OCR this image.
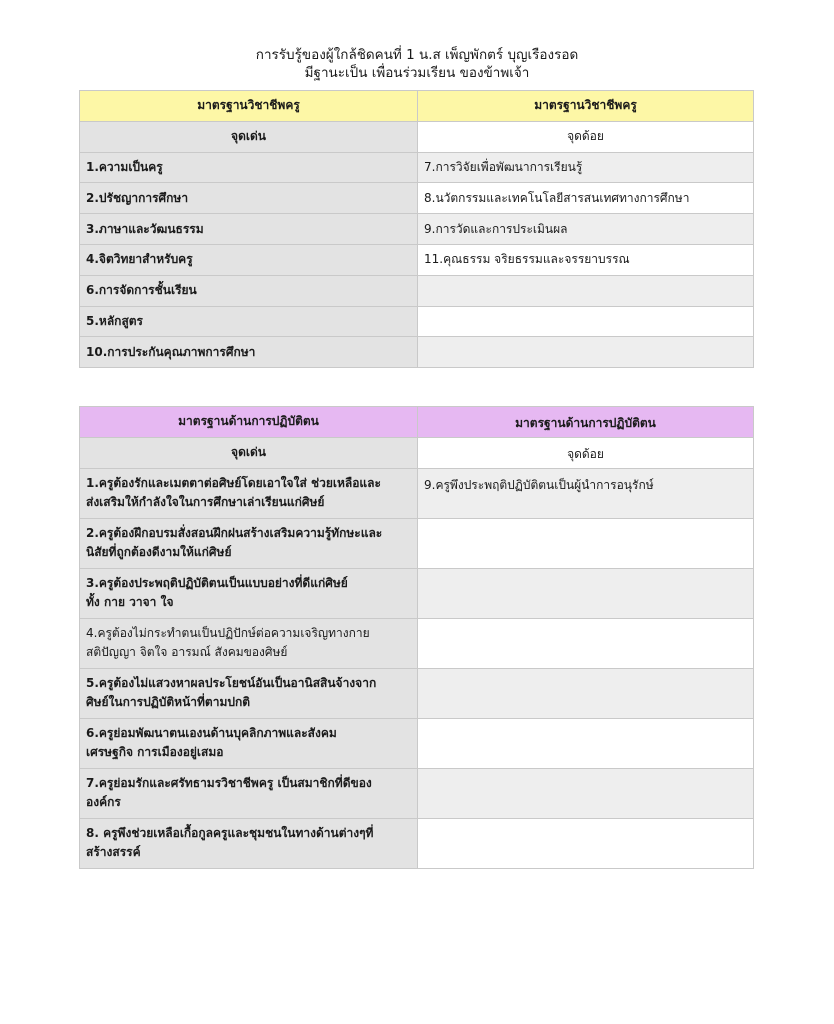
การรับรู้ของผู้ใกล้ชิดคนที่ 1 น.ส เพ็ญพักตร์ บุญเรืองรอด
มีฐานะเป็น เพื่อนร่วมเรียน ของข้าพเจ้า
มาตรฐานวิชาชีพครู	มาตรฐานวิชาชีพครู
จุดเด่น	จุดด้อย
1.ความเป็นครู	7.การวิจัยเพื่อพัฒนาการเรียนรู้
2.ปรัชญาการศึกษา	8.นวัตกรรมและเทคโนโลยีสารสนเทศทางการศึกษา
3.ภาษาและวัฒนธรรม	9.การวัดและการประเมินผล
4.จิตวิทยาสำหรับครู	11.คุณธรรม จริยธรรมและจรรยาบรรณ
6.การจัดการชั้นเรียน	
5.หลักสูตร	
10.การประกันคุณภาพการศึกษา	
มาตรฐานด้านการปฏิบัติตน	มาตรฐานด้านการปฏิบัติตน
จุดเด่น	จุดด้อย

1.ครูต้องรักและเมตตาต่อศิษย์โดยเอาใจใส่ ช่วยเหลือและ
ส่งเสริมให้กำลังใจในการศึกษาเล่าเรียนแก่ศิษย์	9.ครูพึงประพฤติปฏิบัติตนเป็นผู้นำการอนุรักษ์

2.ครูต้องฝึกอบรมสั่งสอนฝึกฝนสร้างเสริมความรู้ทักษะและ
นิสัยที่ถูกต้องดีงามให้แก่ศิษย์	

3.ครูต้องประพฤติปฏิบัติตนเป็นแบบอย่างที่ดีแก่ศิษย์
ทั้ง กาย วาจา ใจ	

4.ครูต้องไม่กระทำตนเป็นปฏิปักษ์ต่อความเจริญทางกาย
สติปัญญา จิตใจ อารมณ์ สังคมของศิษย์	

5.ครูต้องไม่แสวงหาผลประโยชน์อันเป็นอานิสสินจ้างจาก
ศิษย์ในการปฏิบัติหน้าที่ตามปกติ	

6.ครูย่อมพัฒนาตนเองนด้านบุคลิกภาพและสังคม
เศรษฐกิจ การเมืองอยู่เสมอ	

7.ครูย่อมรักและศรัทธามรวิชาชีพครู เป็นสมาชิกที่ดีของ
องค์กร	

8. ครูพึงช่วยเหลือเกื้อกูลครูและชุมชนในทางด้านต่างๆที่
สร้างสรรค์	
